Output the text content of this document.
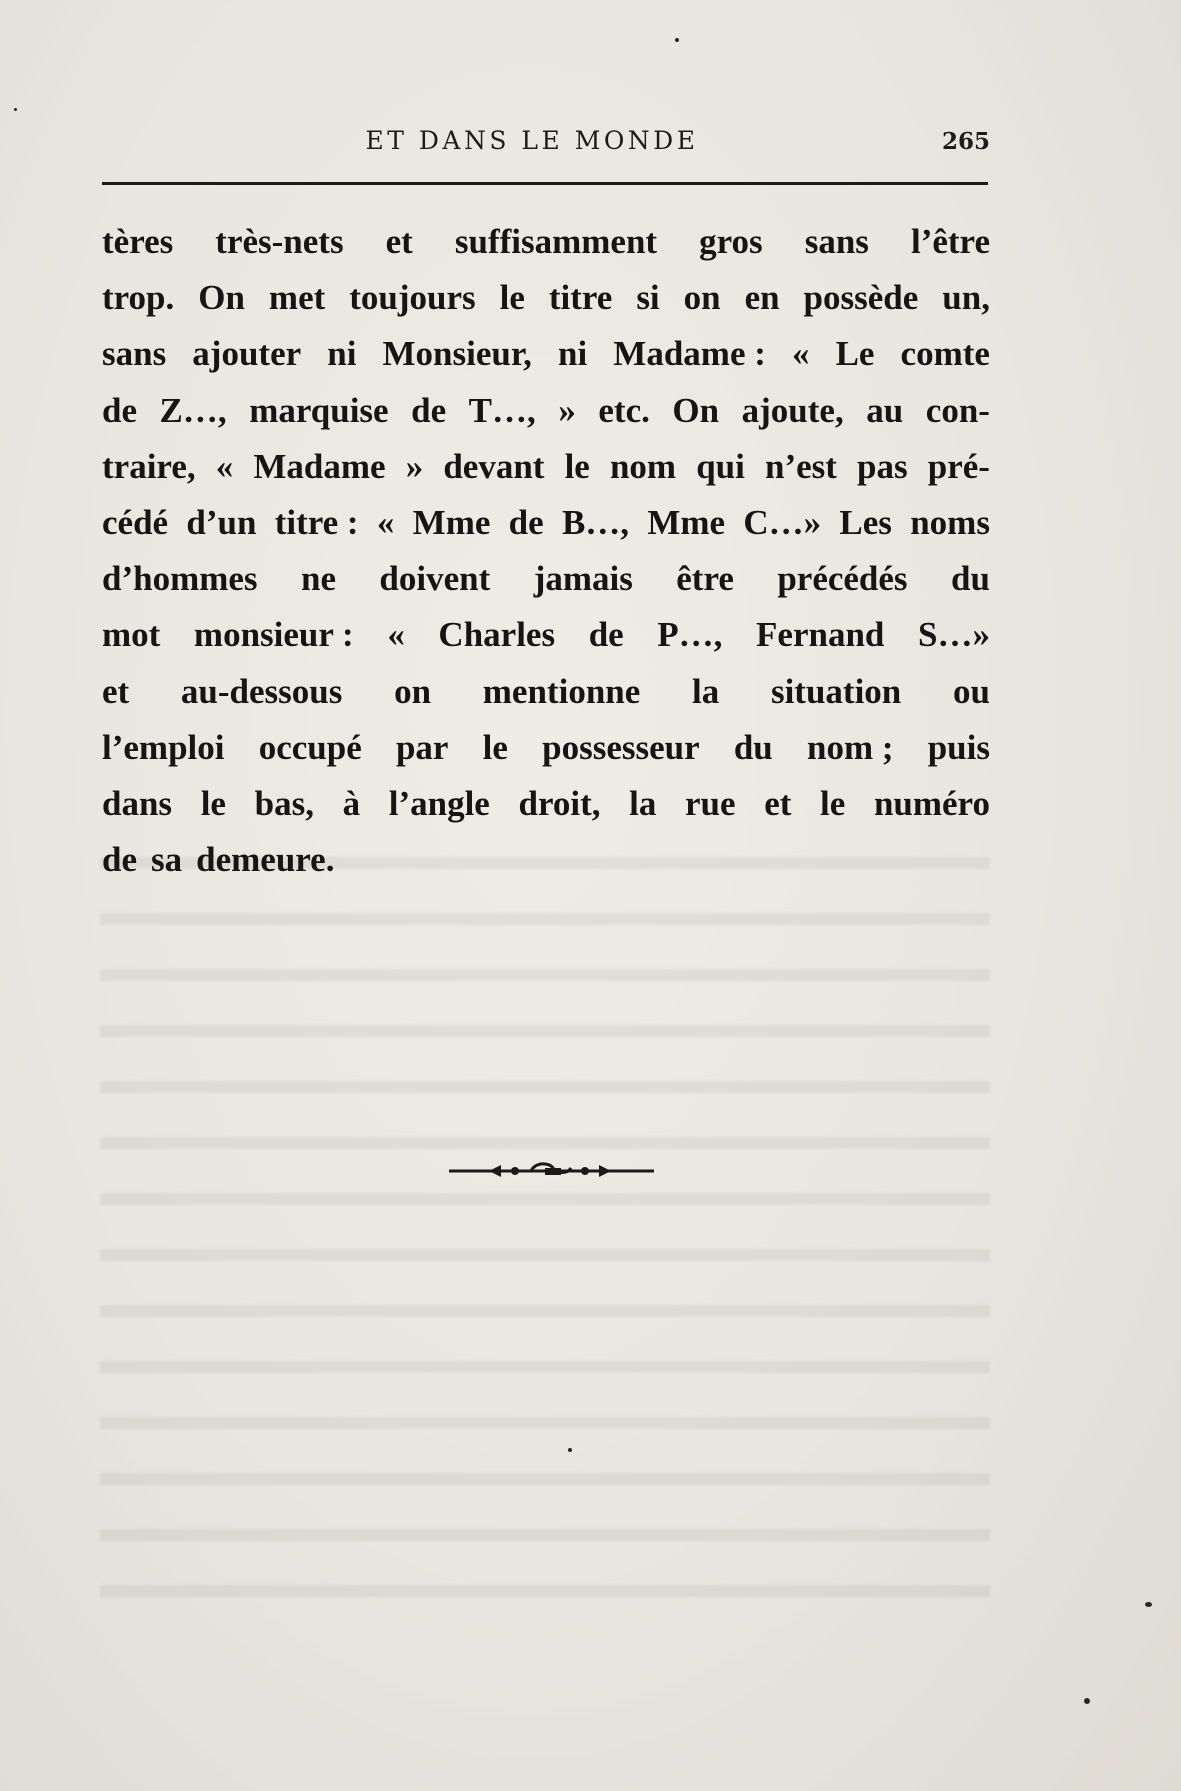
ET DANS LE MONDE	265
tères très-nets et suffisamment gros sans l’être
trop. On met toujours le titre si on en possède un,
sans ajouter ni Monsieur, ni Madame : « Le comte
de Z…, marquise de T…, » etc. On ajoute, au con-
traire, « Madame » devant le nom qui n’est pas pré-
cédé d’un titre : « Mme de B…, Mme C…» Les noms
d’hommes ne doivent jamais être précédés du
mot monsieur : « Charles de P…, Fernand S…»
et au-dessous on mentionne la situation ou
l’emploi occupé par le possesseur du nom ; puis
dans le bas, à l’angle droit, la rue et le numéro
de sa demeure.
